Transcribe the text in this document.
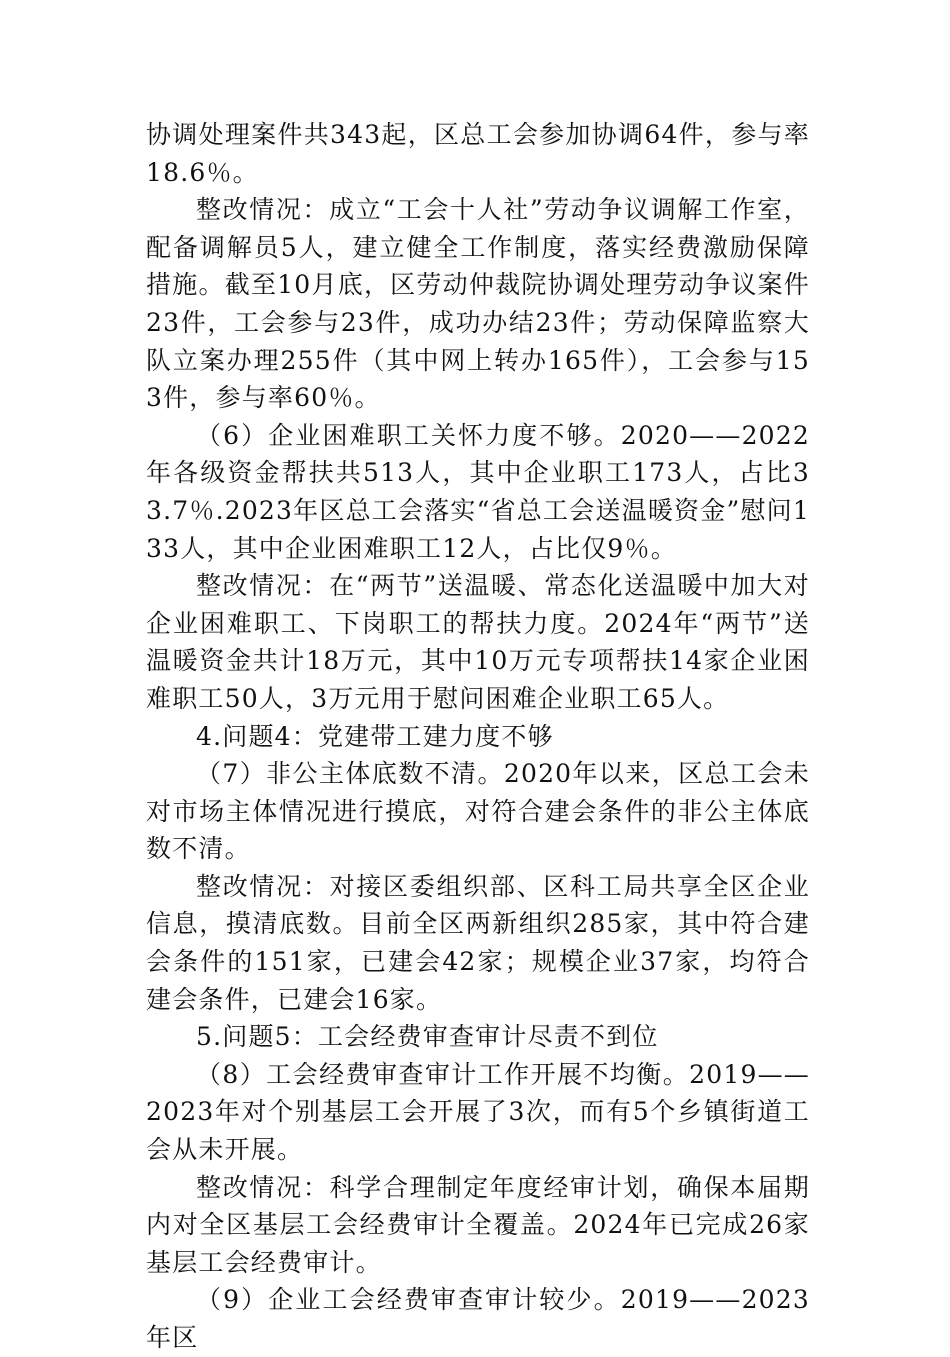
协调处理案件共343起，区总工会参加协调64件，参与率18.6％。

整改情况：成立“工会十人社”劳动争议调解工作室，配备调解员5人，建立健全工作制度，落实经费激励保障措施。截至10月底，区劳动仲裁院协调处理劳动争议案件23件，工会参与23件，成功办结23件；劳动保障监察大队立案办理255件（其中网上转办165件），工会参与153件，参与率60％。

（6）企业困难职工关怀力度不够。2020——2022年各级资金帮扶共513人，其中企业职工173人，占比33.7％.2023年区总工会落实“省总工会送温暖资金”慰问133人，其中企业困难职工12人，占比仅9％。

整改情况：在“两节”送温暖、常态化送温暖中加大对企业困难职工、下岗职工的帮扶力度。2024年“两节”送温暖资金共计18万元，其中10万元专项帮扶14家企业困难职工50人，3万元用于慰问困难企业职工65人。

4.问题4：党建带工建力度不够

（7）非公主体底数不清。2020年以来，区总工会未对市场主体情况进行摸底，对符合建会条件的非公主体底数不清。

整改情况：对接区委组织部、区科工局共享全区企业信息，摸清底数。目前全区两新组织285家，其中符合建会条件的151家，已建会42家；规模企业37家，均符合建会条件，已建会16家。

5.问题5：工会经费审查审计尽责不到位

（8）工会经费审查审计工作开展不均衡。2019——2023年对个别基层工会开展了3次，而有5个乡镇街道工会从未开展。

整改情况：科学合理制定年度经审计划，确保本届期内对全区基层工会经费审计全覆盖。2024年已完成26家基层工会经费审计。

（9）企业工会经费审查审计较少。2019——2023年区
